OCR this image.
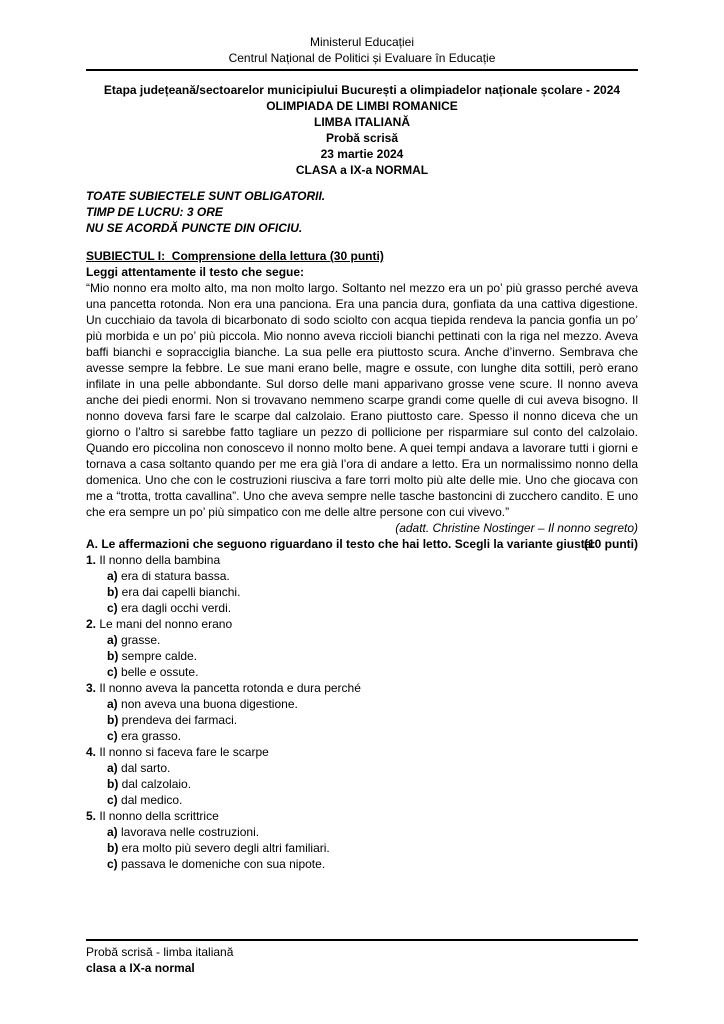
Ministerul Educației
Centrul Național de Politici și Evaluare în Educație
Etapa județeană/sectoarelor municipiului București a olimpiadelor naționale școlare - 2024
OLIMPIADA DE LIMBI ROMANICE
LIMBA ITALIANĂ
Probă scrisă
23 martie 2024
CLASA a IX-a NORMAL
TOATE SUBIECTELE SUNT OBLIGATORII.
TIMP DE LUCRU: 3 ORE
NU SE ACORDĂ PUNCTE DIN OFICIU.
SUBIECTUL I:  Comprensione della lettura (30 punti)
Leggi attentamente il testo che segue:
“Mio nonno era molto alto, ma non molto largo. Soltanto nel mezzo era un po’ più grasso perché aveva una pancetta rotonda. Non era una panciona. Era una pancia dura, gonfiata da una cattiva digestione. Un cucchiaio da tavola di bicarbonato di sodo sciolto con acqua tiepida rendeva la pancia gonfia un po’ più morbida e un po’ più piccola. Mio nonno aveva riccioli bianchi pettinati con la riga nel mezzo. Aveva baffi bianchi e sopracciglia bianche. La sua pelle era piuttosto scura. Anche d’inverno. Sembrava che avesse sempre la febbre. Le sue mani erano belle, magre e ossute, con lunghe dita sottili, però erano infilate in una pelle abbondante. Sul dorso delle mani apparivano grosse vene scure. Il nonno aveva anche dei piedi enormi. Non si trovavano nemmeno scarpe grandi come quelle di cui aveva bisogno. Il nonno doveva farsi fare le scarpe dal calzolaio. Erano piuttosto care. Spesso il nonno diceva che un giorno o l’altro si sarebbe fatto tagliare un pezzo di pollicione per risparmiare sul conto del calzolaio. Quando ero piccolina non conoscevo il nonno molto bene. A quei tempi andava a lavorare tutti i giorni e tornava a casa soltanto quando per me era già l’ora di andare a letto. Era un normalissimo nonno della domenica. Uno che con le costruzioni riusciva a fare torri molto più alte delle mie. Uno che giocava con me a “trotta, trotta cavallina”. Uno che aveva sempre nelle tasche bastoncini di zucchero candito. E uno che era sempre un po’ più simpatico con me delle altre persone con cui vivevo.”
(adatt. Christine Nostinger – Il nonno segreto)
A. Le affermazioni che seguono riguardano il testo che hai letto. Scegli la variante giusta:
(10 punti)
1. Il nonno della bambina
a) era di statura bassa.
b) era dai capelli bianchi.
c) era dagli occhi verdi.
2. Le mani del nonno erano
a) grasse.
b) sempre calde.
c) belle e ossute.
3. Il nonno aveva la pancetta rotonda e dura perché
a) non aveva una buona digestione.
b) prendeva dei farmaci.
c) era grasso.
4. Il nonno si faceva fare le scarpe
a) dal sarto.
b) dal calzolaio.
c) dal medico.
5. Il nonno della scrittrice
a) lavorava nelle costruzioni.
b) era molto più severo degli altri familiari.
c) passava le domeniche con sua nipote.
Probă scrisă - limba italiană
clasa a IX-a normal
